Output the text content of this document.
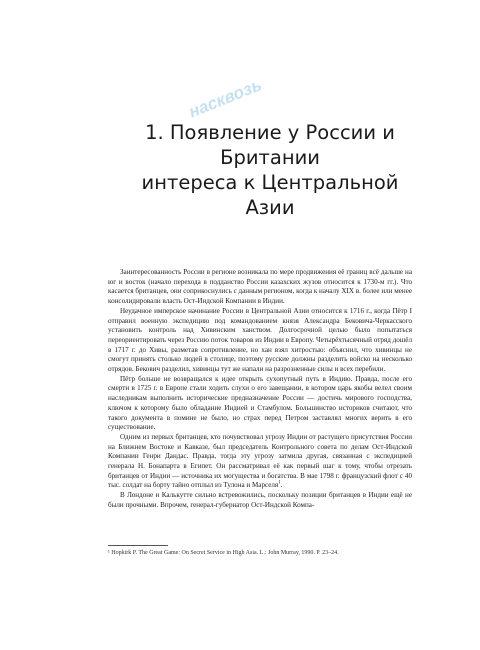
насквозь
1. Появление у России и Британии
интереса к Центральной Азии

Заинтересованность России в регионе возникала по мере продвижения её границ всё дальше на юг и восток (начало перехода в подданство России казахских жузов относится к 1730-м гг.). Что касается британцев, они соприкоснулись с данным регионом, когда к началу XIX в. более или менее консолидировали власть Ост-Индской Компании в Индии.

Неудачное имперское начинание России в Центральной Азии относится к 1716 г., когда Пётр I отправил военную экспедицию под командованием князя Александра Бековича-Черкасского установить контроль над Хивинским ханством. Долгосрочной целью было попытаться переориентировать через Россию поток товаров из Индии в Европу. Четырёхтысячный отряд дошёл в 1717 г. до Хивы, разметав сопротивление, но хан взял хитростью: объяснил, что хивинцы не смогут принять столько людей в столице, поэтому русские должны разделить войско на несколько отрядов. Бекович разделил, хивинцы тут же напали на разрозненные силы и всех перебили.

Пётр больше не возвращался к идее открыть сухопутный путь в Индию. Правда, после его смерти в 1725 г. в Европе стали ходить слухи о его завещании, в котором царь якобы велел своим наследникам выполнить исторические предназначение России — достичь мирового господства, ключом к которому было обладание Индией и Стамбулом. Большинство историков считают, что такого документа в помине не было, но страх перед Петром заставлял многих верить в его существование.

Одним из первых британцев, кто почувствовал угрозу Индии от растущего присутствия России на Ближнем Востоке и Кавказе, был председатель Контрольного совета по делам Ост-Индской Компании Генри Дандас. Правда, тогда эту угрозу затмила другая, связанная с экспедицией генерала Н. Бонапарта в Египет. Он рассматривал её как первый шаг к тому, чтобы отрезать британцев от Индии — источника их могущества и богатства. В мае 1798 г. французский флот с 40 тыс. солдат на борту тайно отплыл из Тулона и Марселя$^1$.

В Лондоне и Калькутте сильно встревожились, поскольку позиции британцев в Индии ещё не были прочными. Впрочем, генерал-губернатор Ост-Индской Компа-

¹ Hopkirk P. The Great Game: On Secret Service in High Asia. L.: John Murray, 1990. P. 23–24.
